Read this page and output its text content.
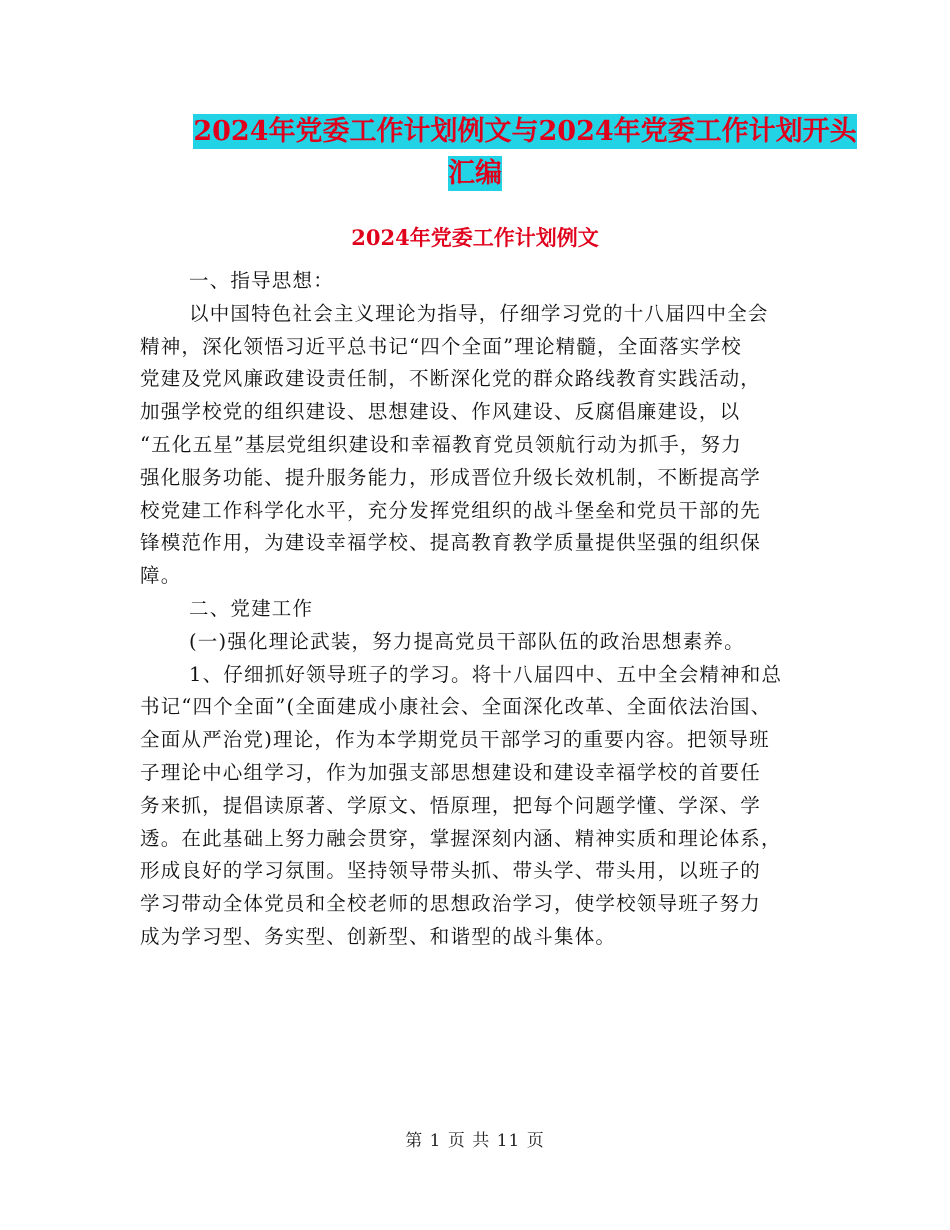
2024年党委工作计划例文与2024年党委工作计划开头
汇编
2024年党委工作计划例文

一、指导思想：

以中国特色社会主义理论为指导，仔细学习党的十八届四中全会

精神，深化领悟习近平总书记“四个全面”理论精髓，全面落实学校

党建及党风廉政建设责任制，不断深化党的群众路线教育实践活动，

加强学校党的组织建设、思想建设、作风建设、反腐倡廉建设，以

“五化五星”基层党组织建设和幸福教育党员领航行动为抓手，努力

强化服务功能、提升服务能力，形成晋位升级长效机制，不断提高学

校党建工作科学化水平，充分发挥党组织的战斗堡垒和党员干部的先

锋模范作用，为建设幸福学校、提高教育教学质量提供坚强的组织保

障。

二、党建工作

(一)强化理论武装，努力提高党员干部队伍的政治思想素养。

1、仔细抓好领导班子的学习。将十八届四中、五中全会精神和总

书记“四个全面”(全面建成小康社会、全面深化改革、全面依法治国、

全面从严治党)理论，作为本学期党员干部学习的重要内容。把领导班

子理论中心组学习，作为加强支部思想建设和建设幸福学校的首要任

务来抓，提倡读原著、学原文、悟原理，把每个问题学懂、学深、学

透。在此基础上努力融会贯穿，掌握深刻内涵、精神实质和理论体系，

形成良好的学习氛围。坚持领导带头抓、带头学、带头用，以班子的

学习带动全体党员和全校老师的思想政治学习，使学校领导班子努力

成为学习型、务实型、创新型、和谐型的战斗集体。

第 1 页 共 11 页
